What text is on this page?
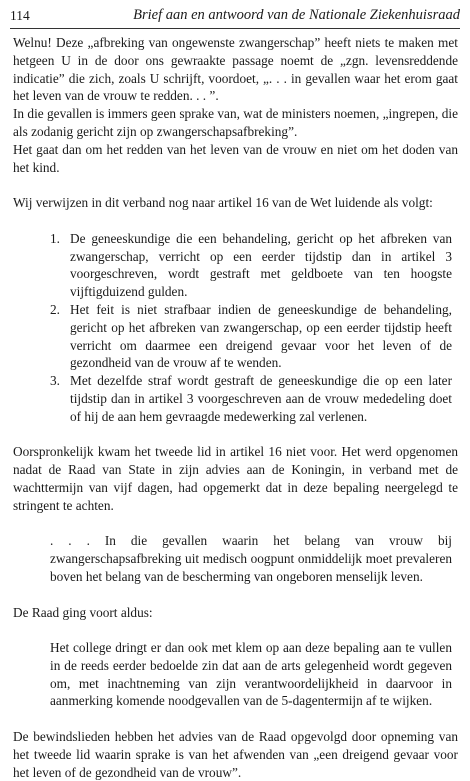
114	Brief aan en antwoord van de Nationale Ziekenhuisraad

Welnu! Deze „afbreking van ongewenste zwangerschap” heeft niets te maken met hetgeen U in de door ons gewraakte passage noemt de „zgn. levensreddende indicatie” die zich, zoals U schrijft, voordoet, „. . . in gevallen waar het erom gaat het leven van de vrouw te redden. . . ”.

In die gevallen is immers geen sprake van, wat de ministers noemen, „ingrepen, die als zodanig gericht zijn op zwangerschapsafbreking”.

Het gaat dan om het redden van het leven van de vrouw en niet om het doden van het kind.

Wij verwijzen in dit verband nog naar artikel 16 van de Wet luidende als volgt:

1. De geneeskundige die een behandeling, gericht op het afbreken van zwangerschap, verricht op een eerder tijdstip dan in artikel 3 voorgeschreven, wordt gestraft met geldboete van ten hoogste vijftigduizend gulden.
2. Het feit is niet strafbaar indien de geneeskundige de behandeling, gericht op het afbreken van zwangerschap, op een eerder tijdstip heeft verricht om daarmee een dreigend gevaar voor het leven of de gezondheid van de vrouw af te wenden.
3. Met dezelfde straf wordt gestraft de geneeskundige die op een later tijdstip dan in artikel 3 voorgeschreven aan de vrouw mededeling doet of hij de aan hem gevraagde medewerking zal verlenen.

Oorspronkelijk kwam het tweede lid in artikel 16 niet voor. Het werd opgenomen nadat de Raad van State in zijn advies aan de Koningin, in verband met de wachttermijn van vijf dagen, had opgemerkt dat in deze bepaling neergelegd te stringent te achten.

. . . In die gevallen waarin het belang van vrouw bij zwangerschapsafbreking uit medisch oogpunt onmiddelijk moet prevaleren boven het belang van de bescherming van ongeboren menselijk leven.

De Raad ging voort aldus:

Het college dringt er dan ook met klem op aan deze bepaling aan te vullen in de reeds eerder bedoelde zin dat aan de arts gelegenheid wordt gegeven om, met inachtneming van zijn verantwoordelijkheid in daarvoor in aanmerking komende noodgevallen van de 5-dagentermijn af te wijken.

De bewindslieden hebben het advies van de Raad opgevolgd door opneming van het tweede lid waarin sprake is van het afwenden van „een dreigend gevaar voor het leven of de gezondheid van de vrouw”.
